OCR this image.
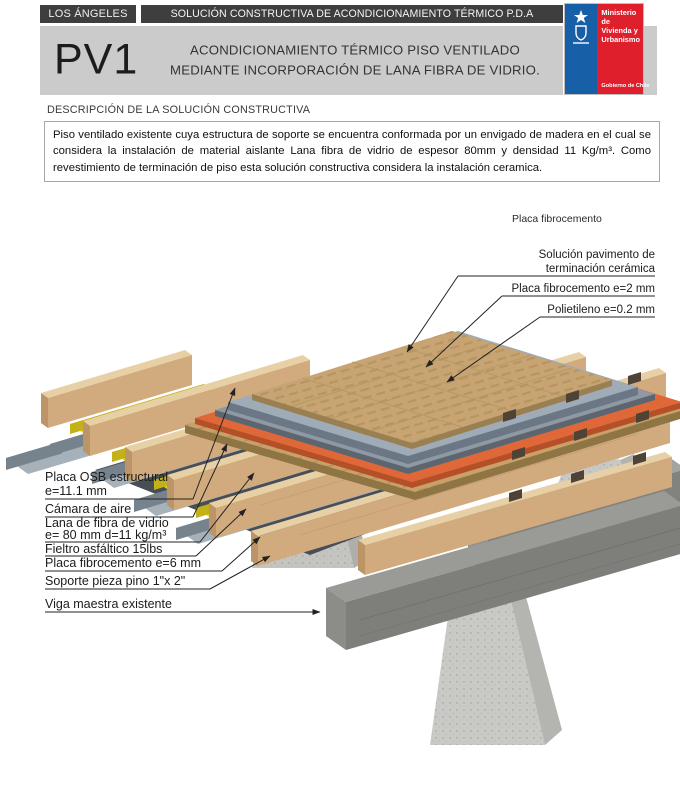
LOS ÁNGELES	SOLUCIÓN CONSTRUCTIVA DE ACONDICIONAMIENTO TÉRMICO P.D.A
PV1	ACONDICIONAMIENTO TÉRMICO PISO VENTILADO
MEDIANTE INCORPORACIÓN DE LANA FIBRA DE VIDRIO.
Ministerio de
Vivienda y
Urbanismo
Gobierno de Chile
DESCRIPCIÓN DE LA SOLUCIÓN CONSTRUCTIVA
Piso ventilado existente cuya estructura de soporte se encuentra conformada por un envigado de madera en el cual se considera la instalación de material aislante Lana fibra de vidrio de espesor 80mm y densidad 11 Kg/m³. Como revestimiento de terminación de piso esta solución constructiva considera la instalación ceramica.
Placa fibrocemento
Solución pavimento de
terminación cerámica
Placa fibrocemento e=2 mm
Polietileno e=0.2 mm
Placa OSB estructural
e=11.1 mm
Cámara de aire
Lana de fibra de vidrio
e= 80 mm d=11 kg/m³
Fieltro asfáltico 15lbs
Placa fibrocemento e=6 mm
Soporte pieza pino 1"x 2"
Viga maestra existente
